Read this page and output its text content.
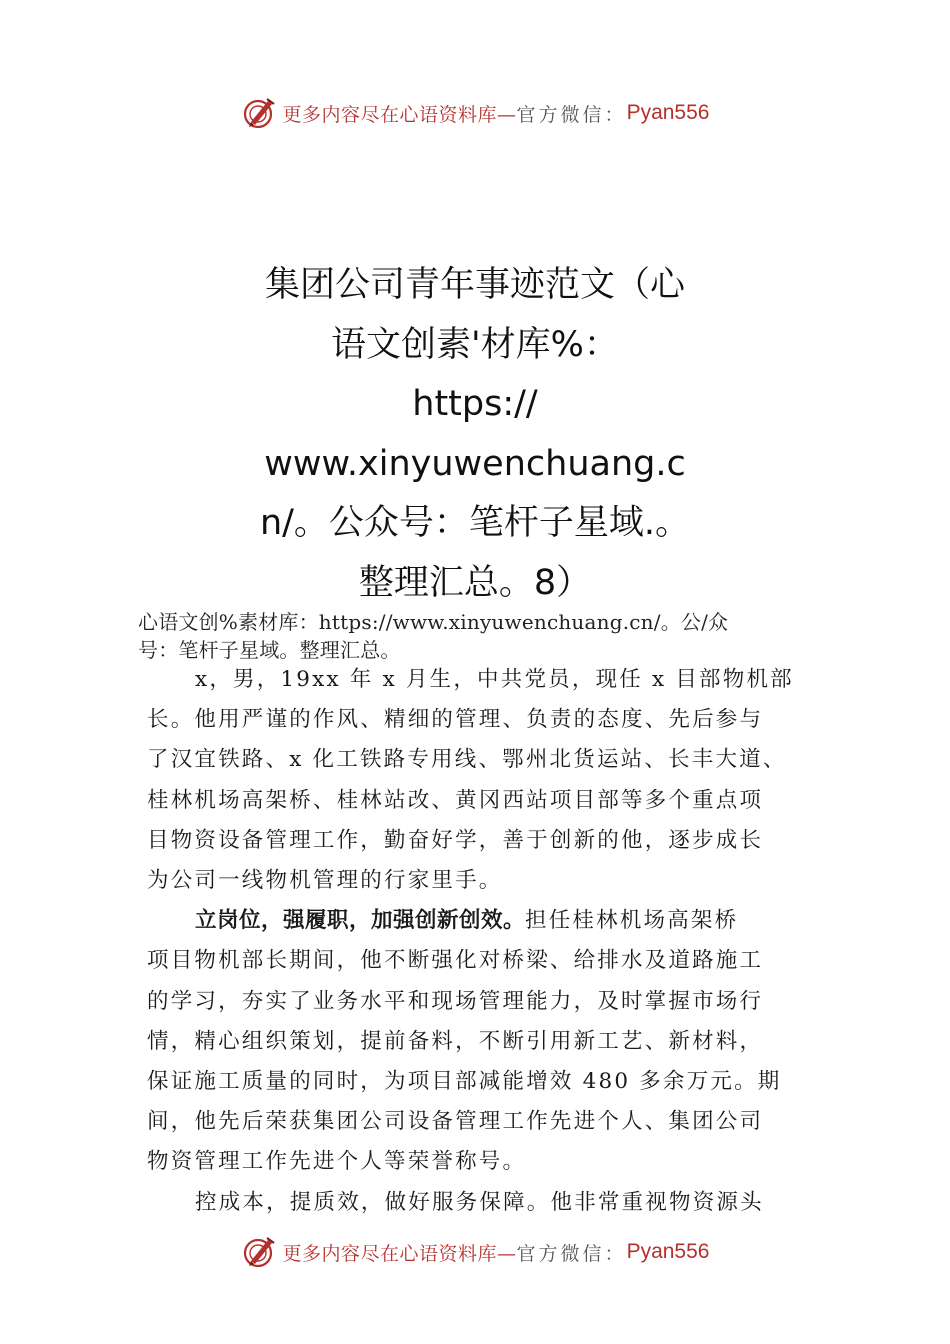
更多内容尽在心语资料库— 官方微信： Pyan556
集团公司青年事迹范文（心
语文创素'材库%：
https://
www.xinyuwenchuang.c
n/。公众号：笔杆子星域.。
整理汇总。8）
心语文创%素材库：https://www.xinyuwenchuang.cn/。公/众
号：笔杆子星域。整理汇总。
x，男，19xx 年 x 月生，中共党员，现任 x 目部物机部
长。他用严谨的作风、精细的管理、负责的态度、先后参与
了汉宜铁路、x 化工铁路专用线、鄂州北货运站、长丰大道、
桂林机场高架桥、桂林站改、黄冈西站项目部等多个重点项
目物资设备管理工作，勤奋好学，善于创新的他，逐步成长
为公司一线物机管理的行家里手。
立岗位，强履职，加强创新创效。担任桂林机场高架桥
项目物机部长期间，他不断强化对桥梁、给排水及道路施工
的学习，夯实了业务水平和现场管理能力，及时掌握市场行
情，精心组织策划，提前备料，不断引用新工艺、新材料，
保证施工质量的同时，为项目部减能增效 480 多余万元。期
间，他先后荣获集团公司设备管理工作先进个人、集团公司
物资管理工作先进个人等荣誉称号。
控成本，提质效，做好服务保障。他非常重视物资源头
更多内容尽在心语资料库— 官方微信： Pyan556
